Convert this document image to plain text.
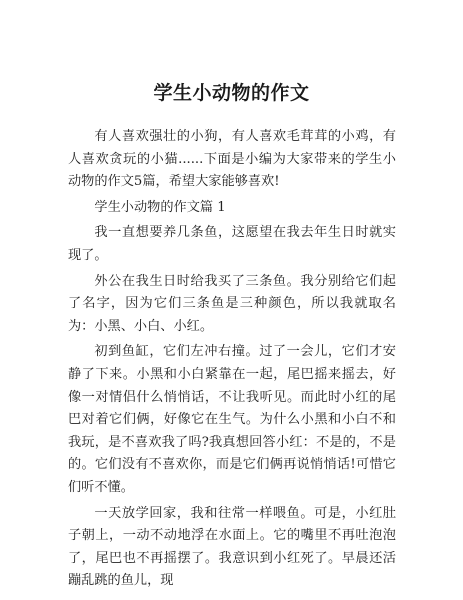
学生小动物的作文

有人喜欢强壮的小狗，有人喜欢毛茸茸的小鸡，有人喜欢贪玩的小猫......下面是小编为大家带来的学生小动物的作文5篇，希望大家能够喜欢!

学生小动物的作文篇 1

我一直想要养几条鱼，这愿望在我去年生日时就实现了。

外公在我生日时给我买了三条鱼。我分别给它们起了名字，因为它们三条鱼是三种颜色，所以我就取名为：小黑、小白、小红。

初到鱼缸，它们左冲右撞。过了一会儿，它们才安静了下来。小黑和小白紧靠在一起，尾巴摇来摇去，好像一对情侣什么悄悄话，不让我听见。而此时小红的尾巴对着它们俩，好像它在生气。为什么小黑和小白不和我玩，是不喜欢我了吗?我真想回答小红：不是的，不是的。它们没有不喜欢你，而是它们俩再说悄悄话!可惜它们听不懂。

一天放学回家，我和往常一样喂鱼。可是，小红肚子朝上，一动不动地浮在水面上。它的嘴里不再吐泡泡了，尾巴也不再摇摆了。我意识到小红死了。早晨还活蹦乱跳的鱼儿，现
